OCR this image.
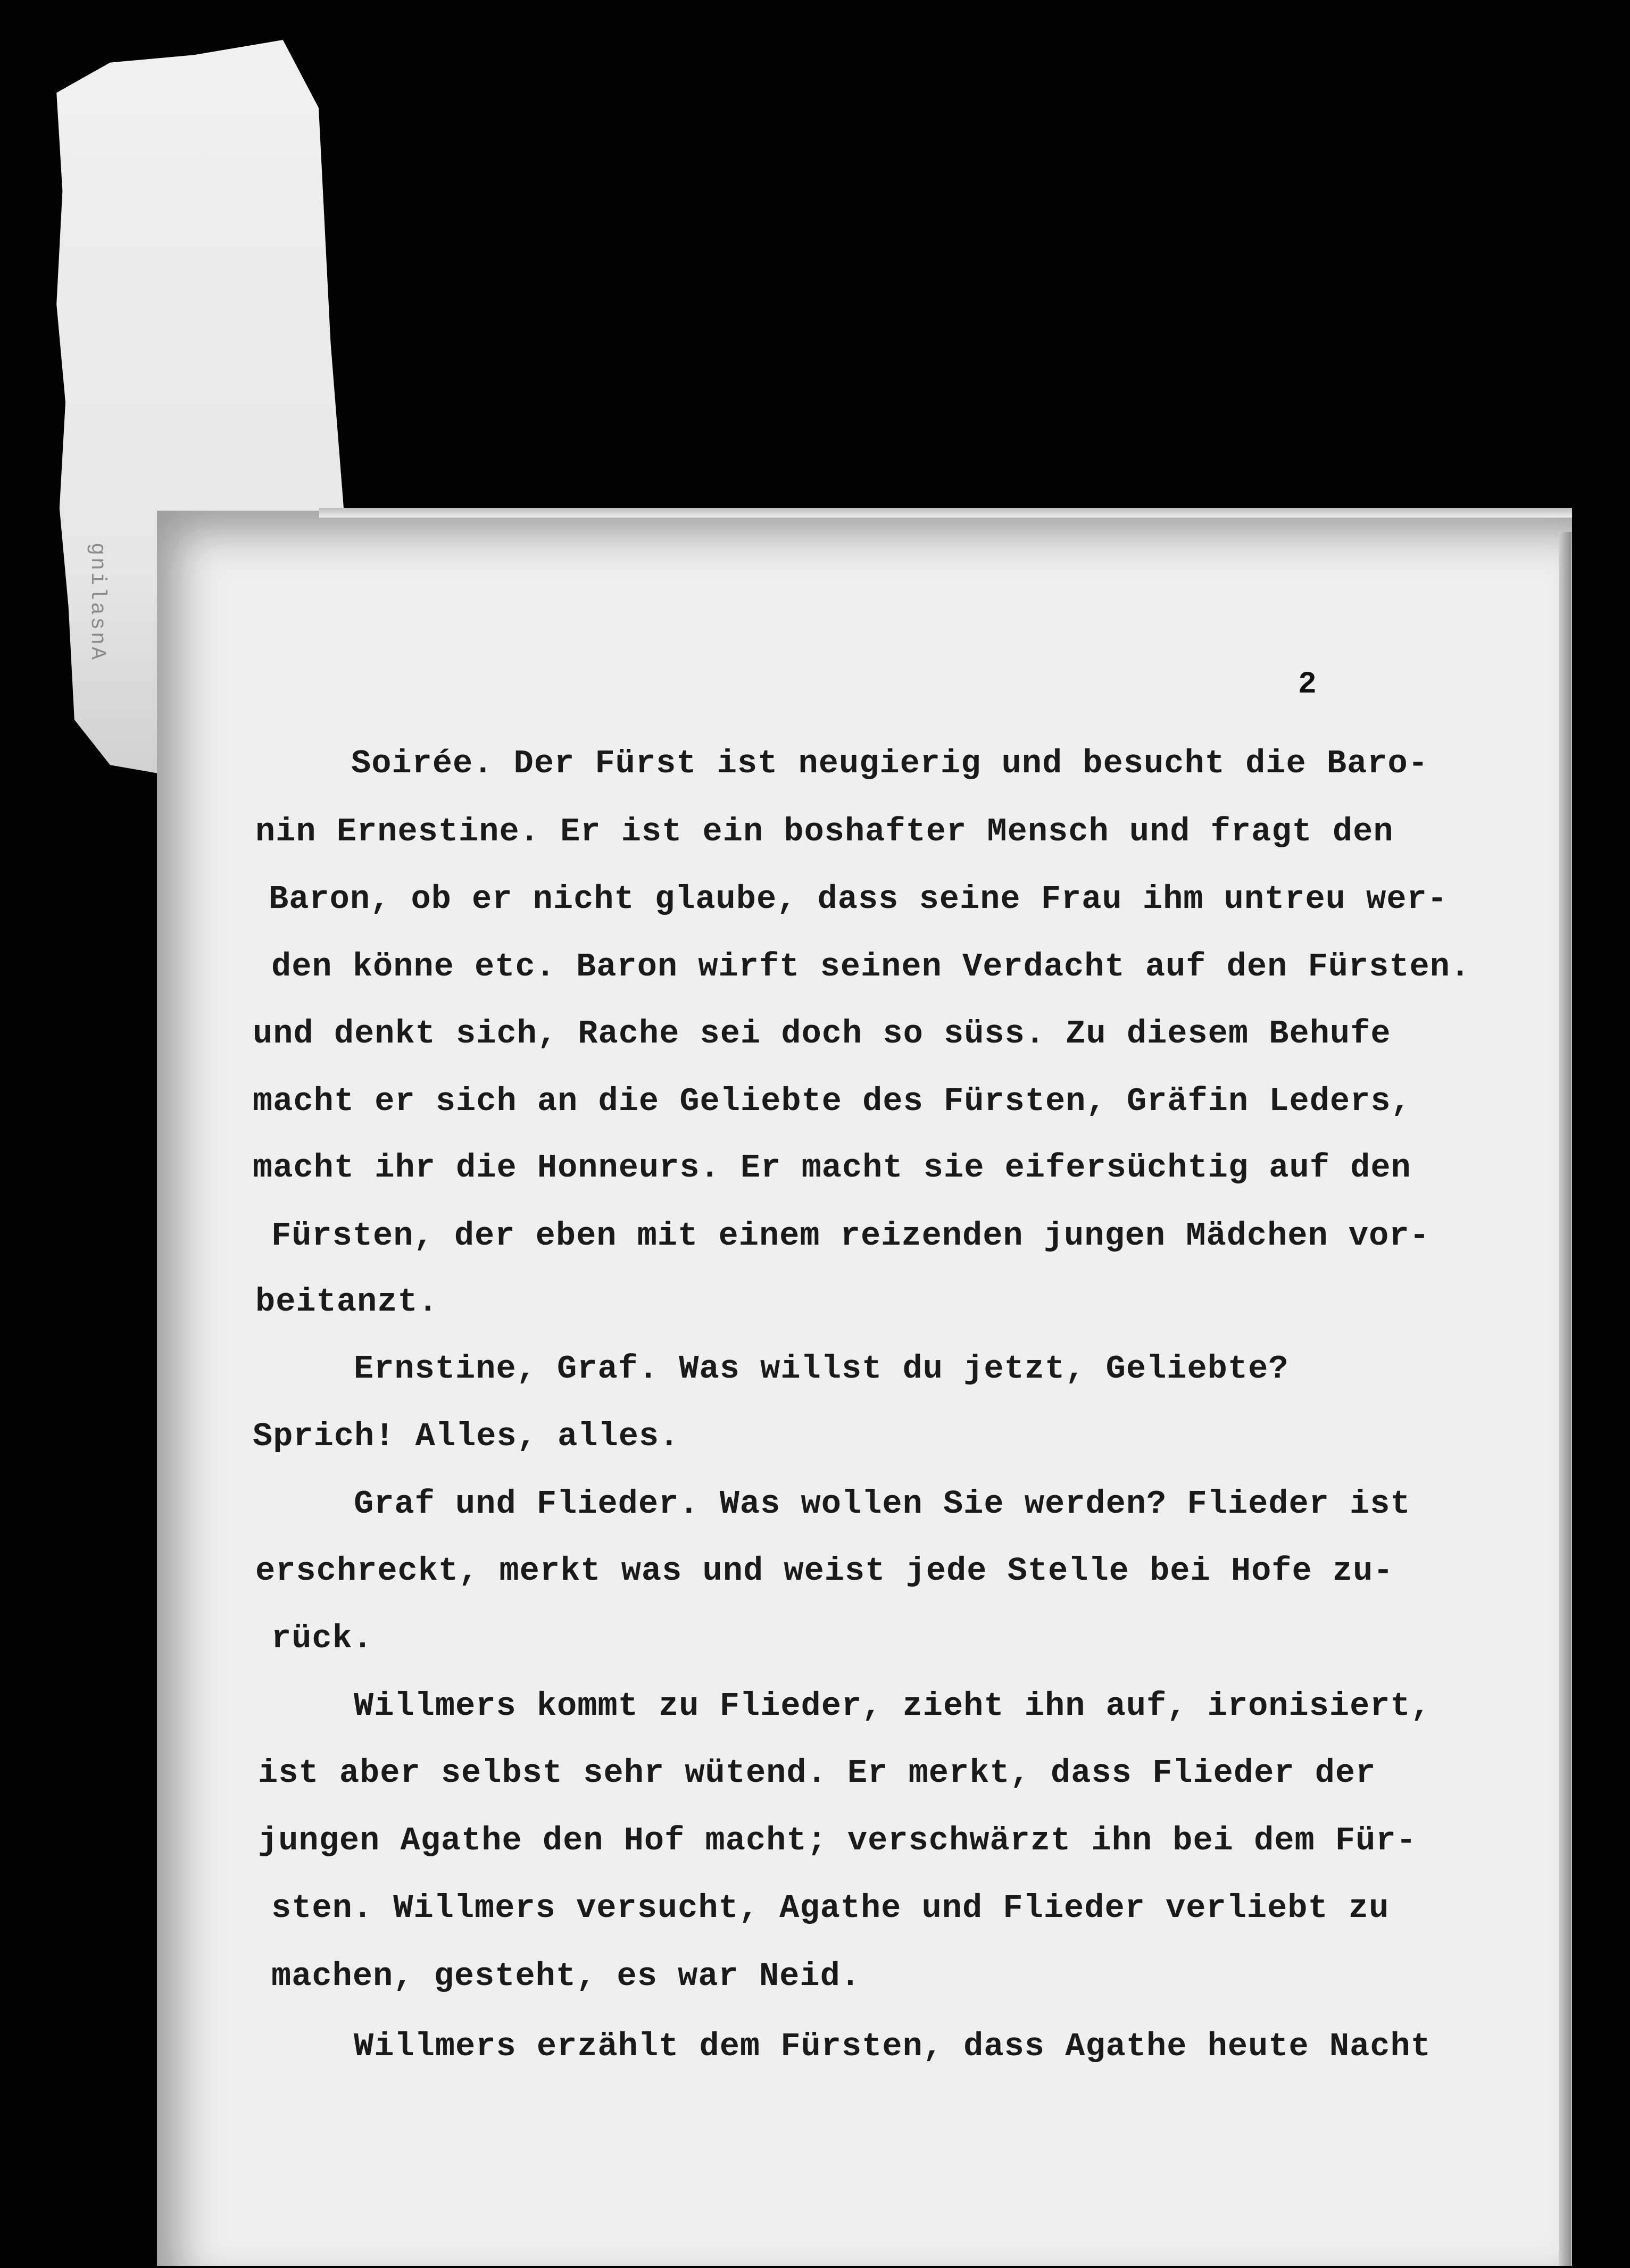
gnilasnA
2
Soirée. Der Fürst ist neugierig und besucht die Baro-
nin Ernestine. Er ist ein boshafter Mensch und fragt den
Baron, ob er nicht glaube, dass seine Frau ihm untreu wer-
den könne etc. Baron wirft seinen Verdacht auf den Fürsten.
und denkt sich, Rache sei doch so süss. Zu diesem Behufe
macht er sich an die Geliebte des Fürsten, Gräfin Leders,
macht ihr die Honneurs. Er macht sie eifersüchtig auf den
Fürsten, der eben mit einem reizenden jungen Mädchen vor-
beitanzt.
Ernstine, Graf. Was willst du jetzt, Geliebte?
Sprich! Alles, alles.
Graf und Flieder. Was wollen Sie werden? Flieder ist
erschreckt, merkt was und weist jede Stelle bei Hofe zu-
rück.
Willmers kommt zu Flieder, zieht ihn auf, ironisiert,
ist aber selbst sehr wütend. Er merkt, dass Flieder der
jungen Agathe den Hof macht; verschwärzt ihn bei dem Für-
sten. Willmers versucht, Agathe und Flieder verliebt zu
machen, gesteht, es war Neid.
Willmers erzählt dem Fürsten, dass Agathe heute Nacht
